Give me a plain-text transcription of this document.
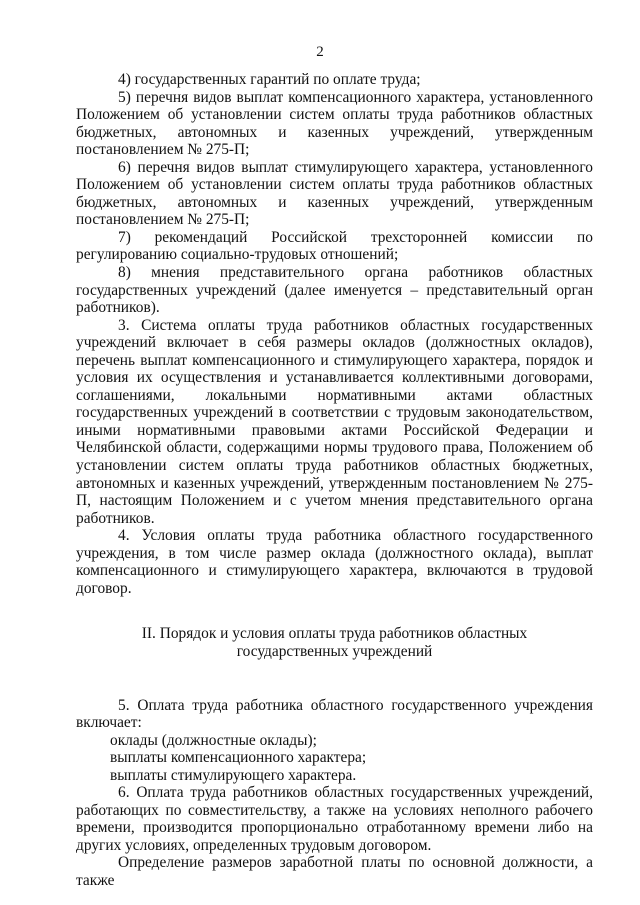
2

4) государственных гарантий по оплате труда;

5) перечня видов выплат компенсационного характера, установленного Положением об установлении систем оплаты труда работников областных бюджетных, автономных и казенных учреждений, утвержденным постановлением № 275-П;

6) перечня видов выплат стимулирующего характера, установленного Положением об установлении систем оплаты труда работников областных бюджетных, автономных и казенных учреждений, утвержденным постановлением № 275-П;

7) рекомендаций Российской трехсторонней комиссии по регулированию социально-трудовых отношений;

8) мнения представительного органа работников областных государственных учреждений (далее именуется – представительный орган работников).

3. Система оплаты труда работников областных государственных учреждений включает в себя размеры окладов (должностных окладов), перечень выплат компенсационного и стимулирующего характера, порядок и условия их осуществления и устанавливается коллективными договорами, соглашениями, локальными нормативными актами областных государственных учреждений в соответствии с трудовым законодательством, иными нормативными правовыми актами Российской Федерации и Челябинской области, содержащими нормы трудового права, Положением об установлении систем оплаты труда работников областных бюджетных, автономных и казенных учреждений, утвержденным постановлением № 275-П, настоящим Положением и с учетом мнения представительного органа работников.

4. Условия оплаты труда работника областного государственного учреждения, в том числе размер оклада (должностного оклада), выплат компенсационного и стимулирующего характера, включаются в трудовой договор.

II. Порядок и условия оплаты труда работников областных государственных учреждений

5. Оплата труда работника областного государственного учреждения включает:

оклады (должностные оклады);

выплаты компенсационного характера;

выплаты стимулирующего характера.

6. Оплата труда работников областных государственных учреждений, работающих по совместительству, а также на условиях неполного рабочего времени, производится пропорционально отработанному времени либо на других условиях, определенных трудовым договором.

Определение размеров заработной платы по основной должности, а также
